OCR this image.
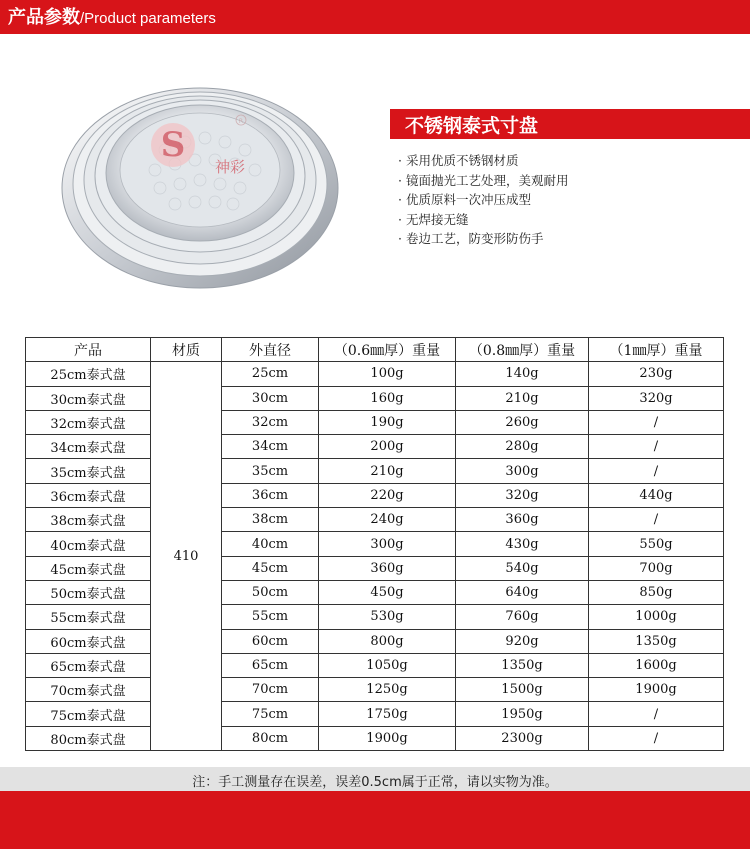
产品参数/Product parameters
S
神彩
R	不锈钢泰式寸盘
· 采用优质不锈钢材质
· 镜面抛光工艺处理，美观耐用
· 优质原料一次冲压成型
· 无焊接无缝
· 卷边工艺，防变形防伤手
产品	材质	外直径	（0.6㎜厚）重量	（0.8㎜厚）重量	（1㎜厚）重量
25cm泰式盘	410	25cm	100g	140g	230g
30cm泰式盘		30cm	160g	210g	320g
32cm泰式盘		32cm	190g	260g	/
34cm泰式盘		34cm	200g	280g	/
35cm泰式盘		35cm	210g	300g	/
36cm泰式盘		36cm	220g	320g	440g
38cm泰式盘		38cm	240g	360g	/
40cm泰式盘		40cm	300g	430g	550g
45cm泰式盘		45cm	360g	540g	700g
50cm泰式盘		50cm	450g	640g	850g
55cm泰式盘		55cm	530g	760g	1000g
60cm泰式盘		60cm	800g	920g	1350g
65cm泰式盘		65cm	1050g	1350g	1600g
70cm泰式盘		70cm	1250g	1500g	1900g
75cm泰式盘		75cm	1750g	1950g	/
80cm泰式盘		80cm	1900g	2300g	/
注：手工测量存在误差，误差0.5cm属于正常，请以实物为准。
